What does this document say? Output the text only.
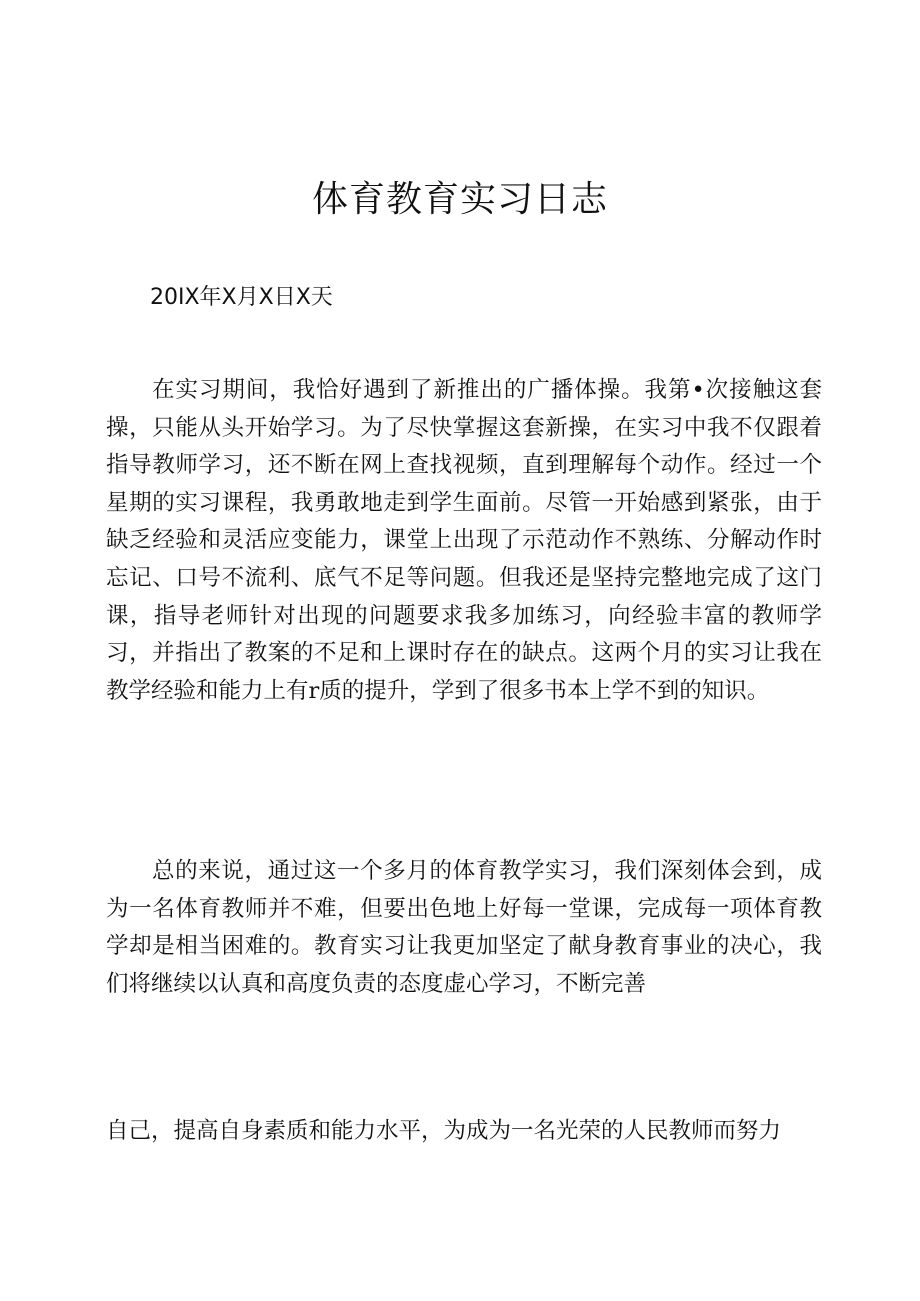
体育教育实习日志
20IX年X月X日X天
在实习期间，我恰好遇到了新推出的广播体操。我第•次接触这套操，只能从头开始学习。为了尽快掌握这套新操，在实习中我不仅跟着指导教师学习，还不断在网上查找视频，直到理解每个动作。经过一个星期的实习课程，我勇敢地走到学生面前。尽管一开始感到紧张，由于缺乏经验和灵活应变能力，课堂上出现了示范动作不熟练、分解动作时忘记、口号不流利、底气不足等问题。但我还是坚持完整地完成了这门课，指导老师针对出现的问题要求我多加练习，向经验丰富的教师学习，并指出了教案的不足和上课时存在的缺点。这两个月的实习让我在教学经验和能力上有r质的提升，学到了很多书本上学不到的知识。
总的来说，通过这一个多月的体育教学实习，我们深刻体会到，成为一名体育教师并不难，但要出色地上好每一堂课，完成每一项体育教学却是相当困难的。教育实习让我更加坚定了献身教育事业的决心，我们将继续以认真和高度负责的态度虚心学习，不断完善
自己，提高自身素质和能力水平，为成为一名光荣的人民教师而努力
